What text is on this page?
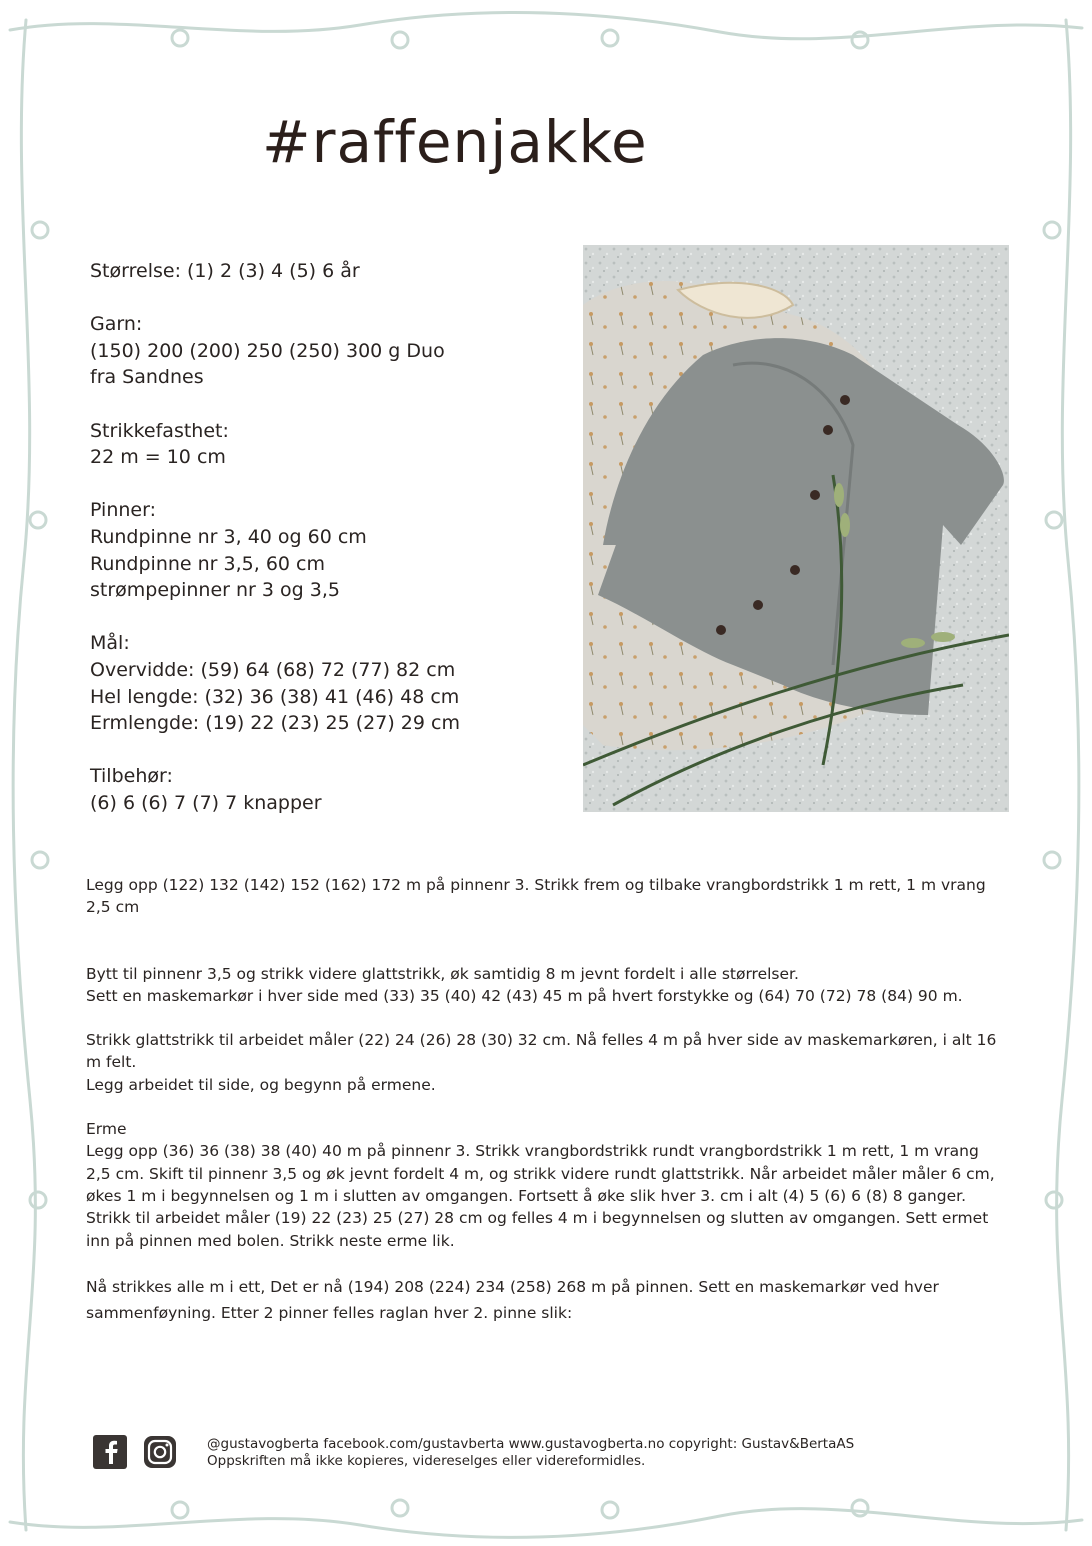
#raffenjakke

Størrelse: (1) 2 (3) 4 (5) 6 år

Garn:

(150) 200 (200) 250 (250) 300 g Duo

fra Sandnes

Strikkefasthet:

22 m = 10 cm

Pinner:

Rundpinne nr 3, 40 og 60 cm

Rundpinne nr 3,5, 60 cm

strømpepinner nr 3 og 3,5

Mål:

Overvidde: (59) 64 (68) 72 (77) 82 cm

Hel lengde: (32) 36 (38) 41 (46) 48 cm

Ermlengde: (19) 22 (23) 25 (27) 29 cm

Tilbehør:

(6) 6 (6) 7 (7) 7 knapper

Legg opp (122) 132 (142) 152 (162) 172 m på pinnenr 3. Strikk frem og tilbake vrangbordstrikk 1 m rett, 1 m vrang 2,5 cm

Bytt til pinnenr 3,5 og strikk videre glattstrikk, øk samtidig 8 m jevnt fordelt i alle størrelser.

Sett en maskemarkør i hver side med (33) 35 (40) 42 (43) 45 m på hvert forstykke og (64) 70 (72) 78 (84) 90 m.

Strikk glattstrikk til arbeidet måler (22) 24 (26) 28 (30) 32 cm. Nå felles 4 m på hver side av maskemarkøren, i alt 16 m felt.

Legg arbeidet til side, og begynn på ermene.

Erme

Legg opp (36) 36 (38) 38 (40) 40 m på pinnenr 3. Strikk vrangbordstrikk rundt vrangbordstrikk 1 m rett, 1 m vrang 2,5 cm. Skift til pinnenr 3,5 og øk jevnt fordelt 4 m, og strikk videre rundt glattstrikk. Når arbeidet måler måler 6 cm, økes 1 m i begynnelsen og 1 m i slutten av omgangen. Fortsett å øke slik hver 3. cm i alt (4) 5 (6) 6 (8) 8 ganger.

Strikk til arbeidet måler (19) 22 (23) 25 (27) 28 cm og felles 4 m i begynnelsen og slutten av omgangen. Sett ermet inn på pinnen med bolen. Strikk neste erme lik.

Nå strikkes alle m i ett, Det er nå (194) 208 (224) 234 (258) 268 m på pinnen. Sett en maskemarkør ved hver sammenføyning. Etter 2 pinner felles raglan hver 2. pinne slik:

@gustavogberta facebook.com/gustavberta www.gustavogberta.no copyright: Gustav&BertaAS

Oppskriften må ikke kopieres, videreselges eller videreformidles.
